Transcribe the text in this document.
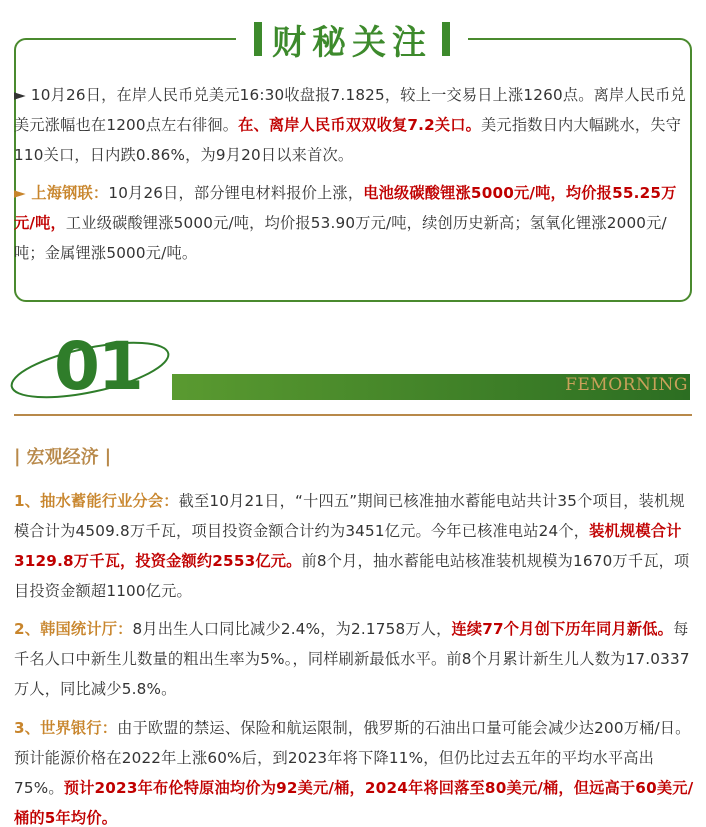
财秘关注

► 10月26日，在岸人民币兑美元16:30收盘报7.1825，较上一交易日上涨1260点。离岸人民币兑美元涨幅也在1200点左右徘徊。在、离岸人民币双双收复7.2关口。美元指数日内大幅跳水，失守110关口，日内跌0.86%，为9月20日以来首次。

► 上海钢联：10月26日，部分锂电材料报价上涨，电池级碳酸锂涨5000元/吨，均价报55.25万元/吨，工业级碳酸锂涨5000元/吨，均价报53.90万元/吨，续创历史新高；氢氧化锂涨2000元/吨；金属锂涨5000元/吨。

01	FEMORNING
| 宏观经济 |

1、抽水蓄能行业分会：截至10月21日，“十四五”期间已核准抽水蓄能电站共计35个项目，装机规模合计为4509.8万千瓦，项目投资金额合计约为3451亿元。今年已核准电站24个，装机规模合计3129.8万千瓦，投资金额约2553亿元。前8个月，抽水蓄能电站核准装机规模为1670万千瓦，项目投资金额超1100亿元。

2、韩国统计厅：8月出生人口同比减少2.4%，为2.1758万人，连续77个月创下历年同月新低。每千名人口中新生儿数量的粗出生率为5%。，同样刷新最低水平。前8个月累计新生儿人数为17.0337万人，同比减少5.8%。

3、世界银行：由于欧盟的禁运、保险和航运限制，俄罗斯的石油出口量可能会减少达200万桶/日。预计能源价格在2022年上涨60%后，到2023年将下降11%，但仍比过去五年的平均水平高出75%。预计2023年布伦特原油均价为92美元/桶，2024年将回落至80美元/桶，但远高于60美元/桶的5年均价。
